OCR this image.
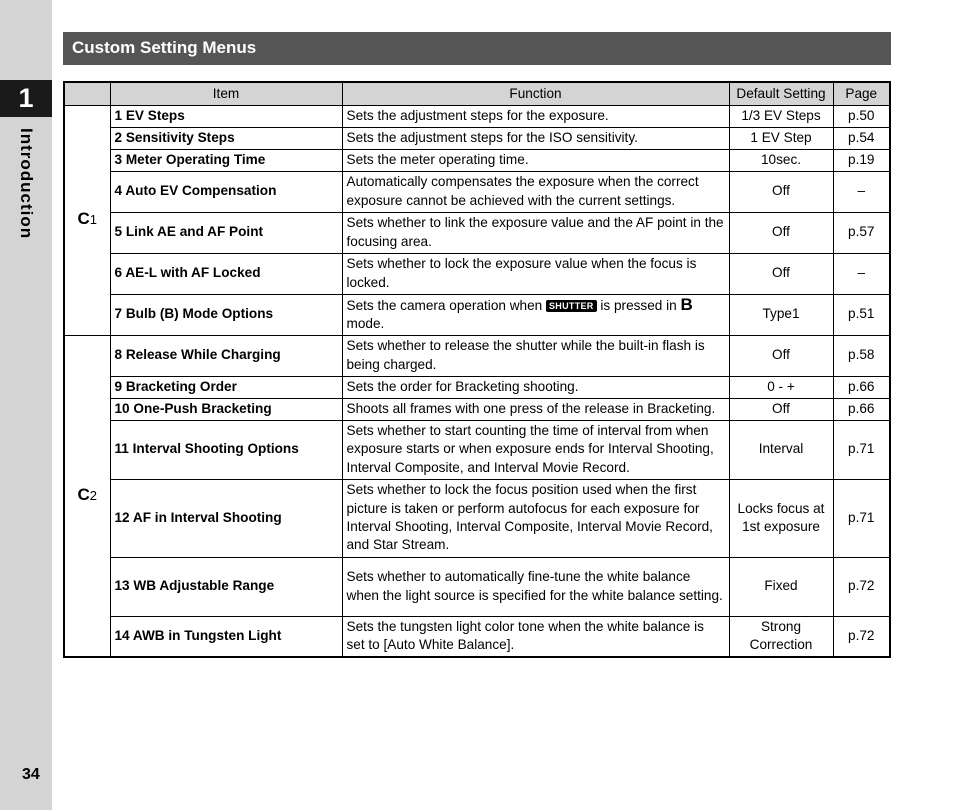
1
Introduction
34
Custom Setting Menus
	Item	Function	Default Setting	Page
C1	1 EV Steps	Sets the adjustment steps for the exposure.	1/3 EV Steps	p.50
	2 Sensitivity Steps	Sets the adjustment steps for the ISO sensitivity.	1 EV Step	p.54
	3 Meter Operating Time	Sets the meter operating time.	10sec.	p.19
	4 Auto EV Compensation	Automatically compensates the exposure when the correct exposure cannot be achieved with the current settings.	Off	–
	5 Link AE and AF Point	Sets whether to link the exposure value and the AF point in the focusing area.	Off	p.57
	6 AE-L with AF Locked	Sets whether to lock the exposure value when the focus is locked.	Off	–
	7 Bulb (B) Mode Options	Sets the camera operation when SHUTTER is pressed in B mode.	Type1	p.51
C2	8 Release While Charging	Sets whether to release the shutter while the built-in flash is being charged.	Off	p.58
	9 Bracketing Order	Sets the order for Bracketing shooting.	0 - +	p.66
	10 One-Push Bracketing	Shoots all frames with one press of the release in Bracketing.	Off	p.66
	11 Interval Shooting Options	Sets whether to start counting the time of interval from when exposure starts or when exposure ends for Interval Shooting, Interval Composite, and Interval Movie Record.	Interval	p.71
	12 AF in Interval Shooting	Sets whether to lock the focus position used when the first picture is taken or perform autofocus for each exposure for Interval Shooting, Interval Composite, Interval Movie Record, and Star Stream.	Locks focus at 1st exposure	p.71
	13 WB Adjustable Range	Sets whether to automatically fine-tune the white balance when the light source is specified for the white balance setting.	Fixed	p.72
	14 AWB in Tungsten Light	Sets the tungsten light color tone when the white balance is set to [Auto White Balance].	Strong Correction	p.72
